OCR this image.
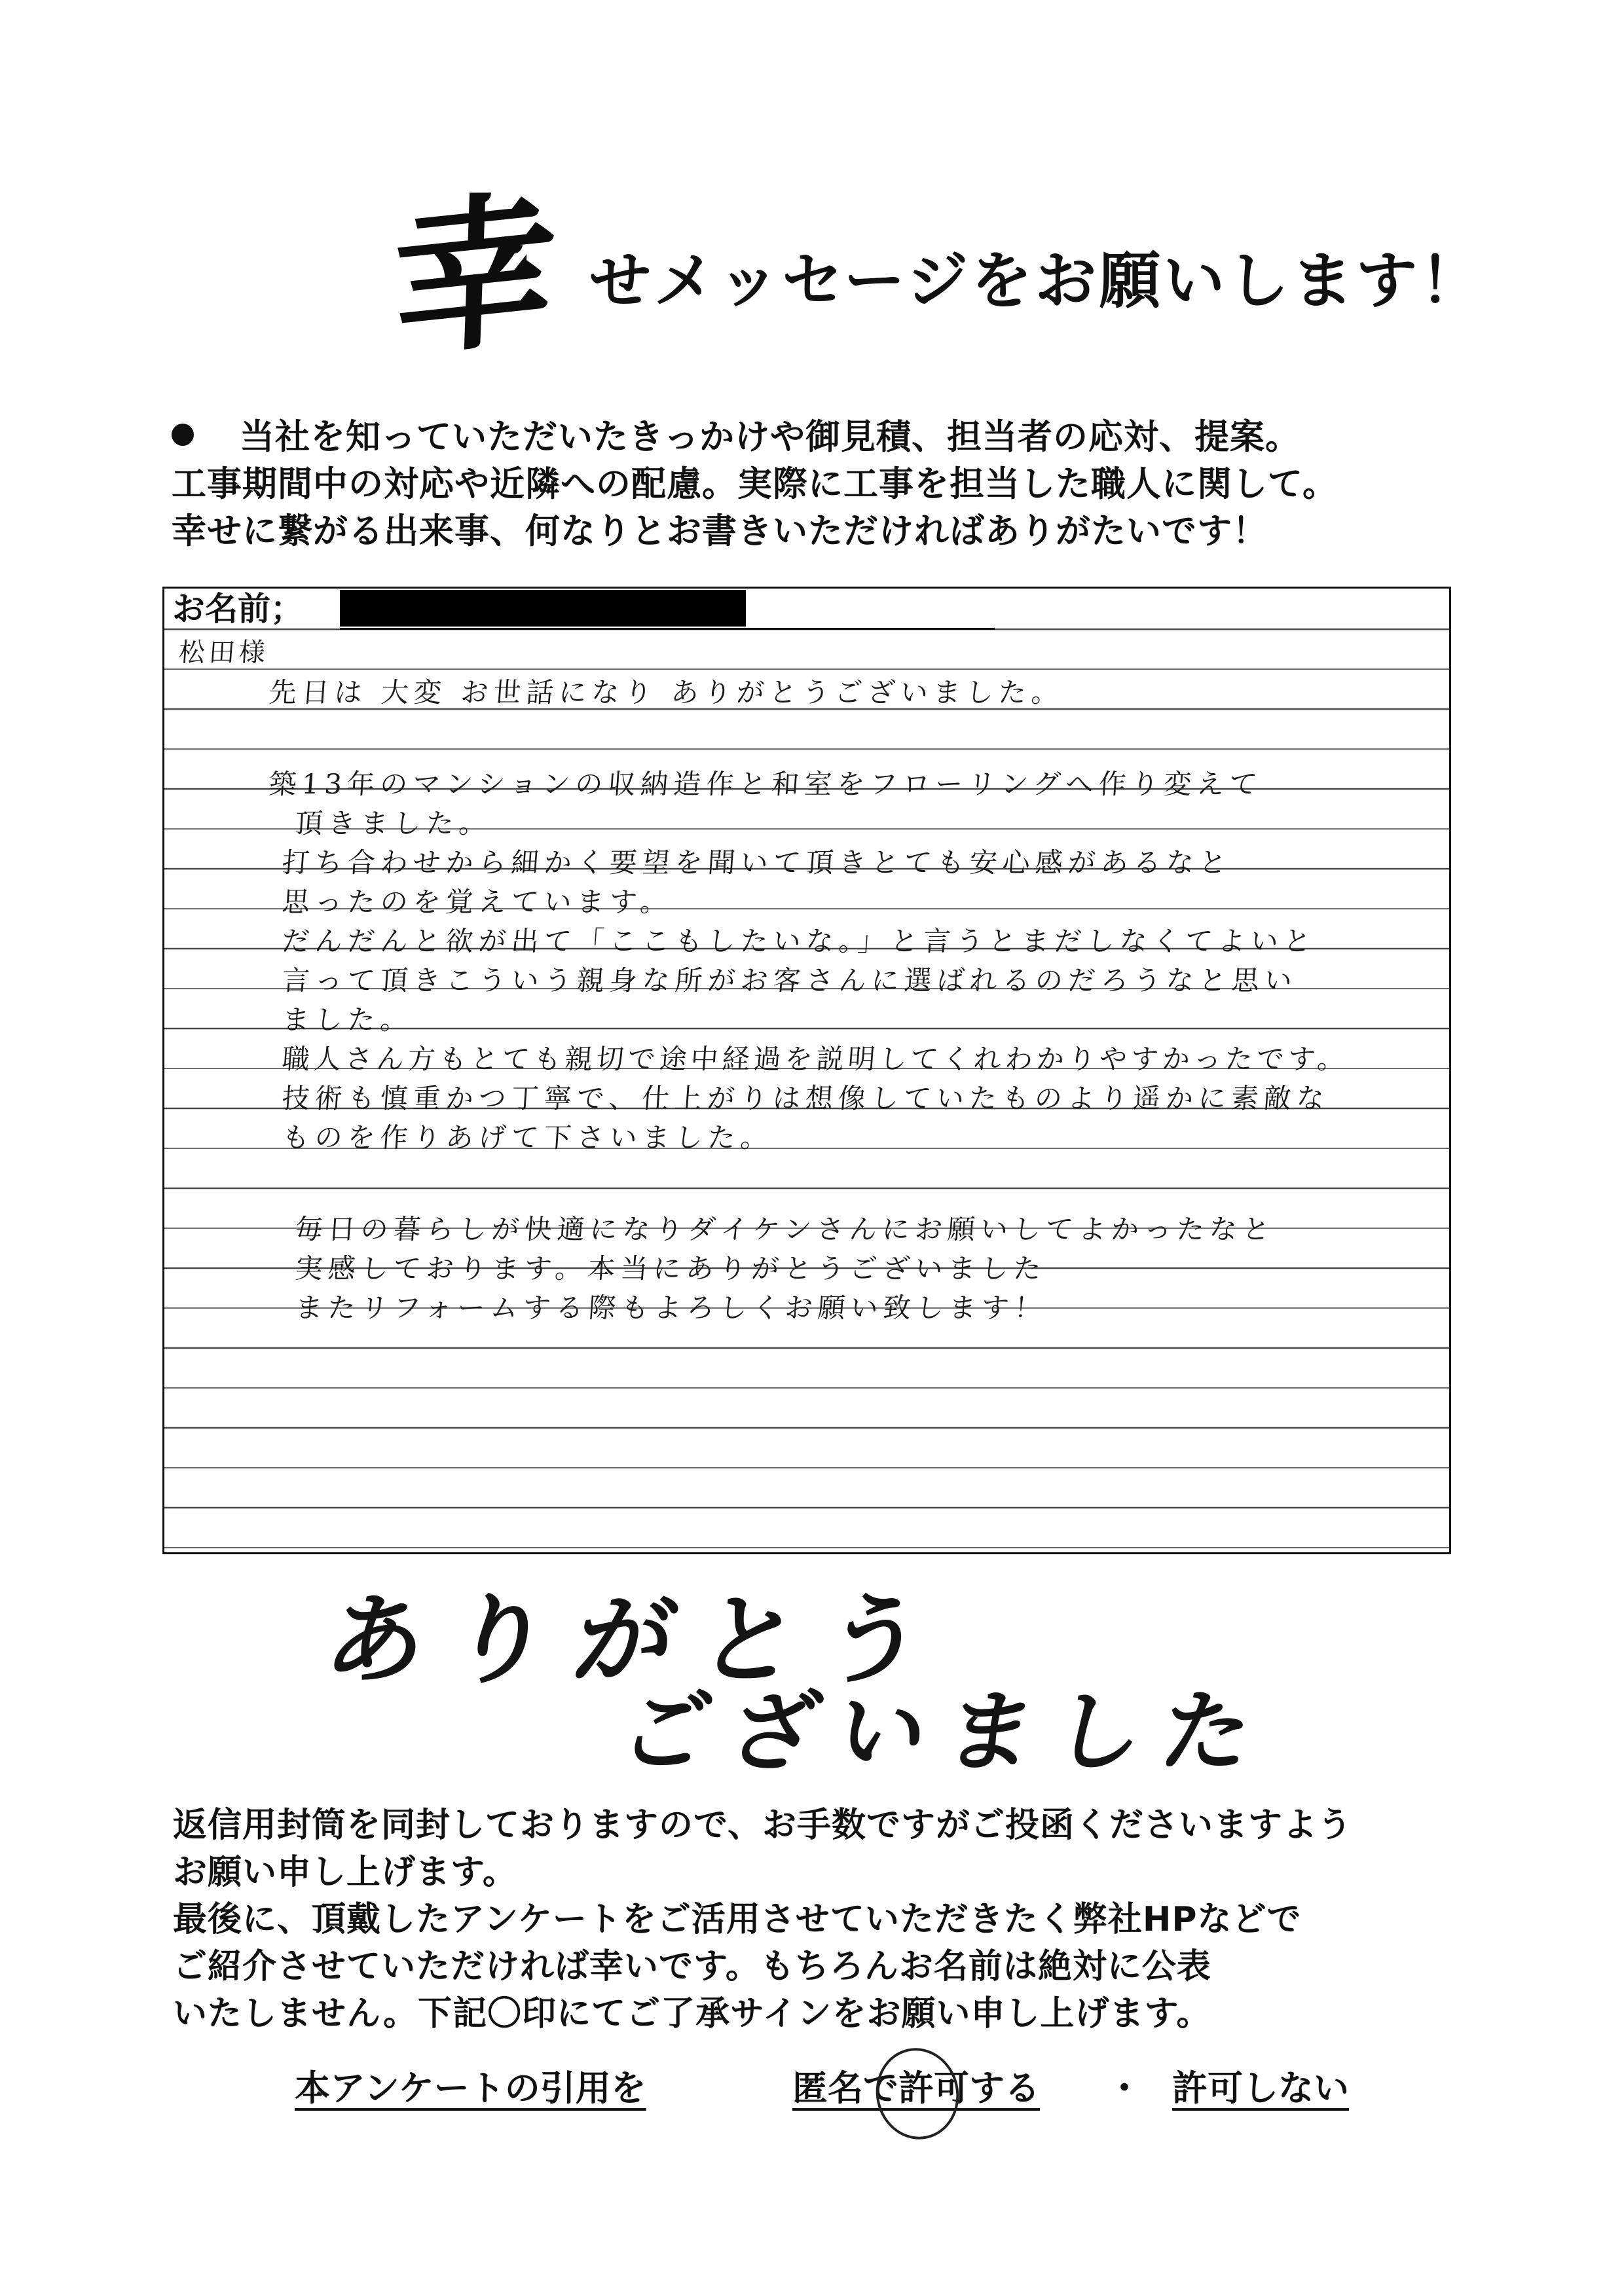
幸 せメッセージをお願いします！

当社を知っていただいたきっかけや御見積、担当者の応対、提案。

工事期間中の対応や近隣への配慮。実際に工事を担当した職人に関して。

幸せに繋がる出来事、何なりとお書きいただければありがたいです！

お名前；
松田様
先日は 大変 お世話になり ありがとうございました。
築13年のマンションの収納造作と和室をフローリングへ作り変えて
頂きました。
打ち合わせから細かく要望を聞いて頂きとても安心感があるなと
思ったのを覚えています。
だんだんと欲が出て「ここもしたいな。」と言うとまだしなくてよいと
言って頂きこういう親身な所がお客さんに選ばれるのだろうなと思い
ました。
職人さん方もとても親切で途中経過を説明してくれわかりやすかったです。
技術も慎重かつ丁寧で、仕上がりは想像していたものより遥かに素敵な
ものを作りあげて下さいました。
毎日の暮らしが快適になりダイケンさんにお願いしてよかったなと
実感しております。本当にありがとうございました
またリフォームする際もよろしくお願い致します！
ありがとう
ございました

返信用封筒を同封しておりますので、お手数ですがご投函くださいますよう

お願い申し上げます。

最後に、頂戴したアンケートをご活用させていただきたく弊社HPなどで

ご紹介させていただければ幸いです。もちろんお名前は絶対に公表

いたしません。下記〇印にてご了承サインをお願い申し上げます。

本アンケートの引用を	匿名で許可する ・ 許可しない
